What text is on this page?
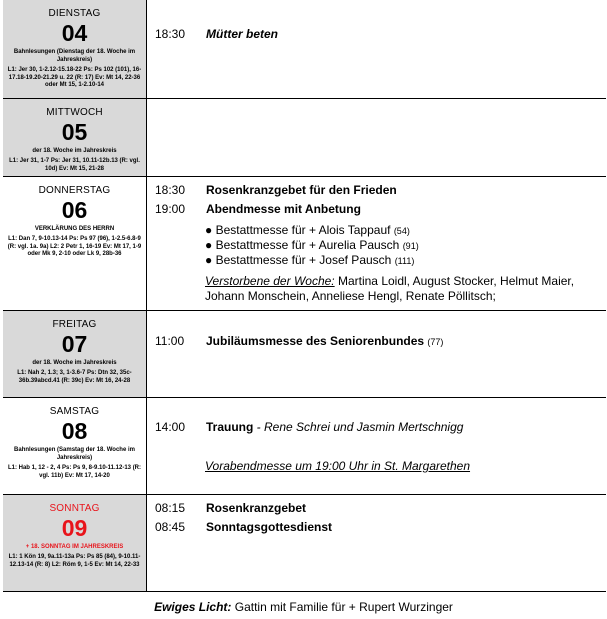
DIENSTAG
04
Bahnlesungen (Dienstag der 18. Woche im Jahreskreis)
L1: Jer 30, 1-2.12-15.18-22 Ps: Ps 102 (101), 16-17.18-19.20-21.29 u. 22 (R: 17) Ev: Mt 14, 22-36 oder Mt 15, 1-2.10-14
18:30	Mütter beten
MITTWOCH
05
der 18. Woche im Jahreskreis
L1: Jer 31, 1-7 Ps: Jer 31, 10.11-12b.13 (R: vgl. 10d) Ev: Mt 15, 21-28
DONNERSTAG
06
VERKLÄRUNG DES HERRN
L1: Dan 7, 9-10.13-14 Ps: Ps 97 (96), 1-2.5-6.8-9 (R: vgl. 1a. 9a) L2: 2 Petr 1, 16-19 Ev: Mt 17, 1-9 oder Mk 9, 2-10 oder Lk 9, 28b-36
18:30	Rosenkranzgebet für den Frieden
19:00	Abendmesse mit Anbetung
● Bestattmesse für + Alois Tappauf (54)
● Bestattmesse für + Aurelia Pausch (91)
● Bestattmesse für + Josef Pausch (111)
Verstorbene der Woche: Martina Loidl, August Stocker, Helmut Maier, Johann Monschein, Anneliese Hengl, Renate Pöllitsch;
FREITAG
07
der 18. Woche im Jahreskreis
L1: Nah 2, 1.3; 3, 1-3.6-7 Ps: Dtn 32, 35c-36b.39abcd.41 (R: 39c) Ev: Mt 16, 24-28
11:00	Jubiläumsmesse des Seniorenbundes (77)
SAMSTAG
08
Bahnlesungen (Samstag der 18. Woche im Jahreskreis)
L1: Hab 1, 12 - 2, 4 Ps: Ps 9, 8-9.10-11.12-13 (R: vgl. 11b) Ev: Mt 17, 14-20
14:00	Trauung - Rene Schrei und Jasmin Mertschnigg
Vorabendmesse um 19:00 Uhr in St. Margarethen
SONNTAG
09
+ 18. SONNTAG IM JAHRESKREIS
L1: 1 Kön 19, 9a.11-13a Ps: Ps 85 (84), 9-10.11-12.13-14 (R: 8) L2: Röm 9, 1-5 Ev: Mt 14, 22-33
08:15	Rosenkranzgebet
08:45	Sonntagsgottesdienst
Ewiges Licht: Gattin mit Familie für + Rupert Wurzinger
